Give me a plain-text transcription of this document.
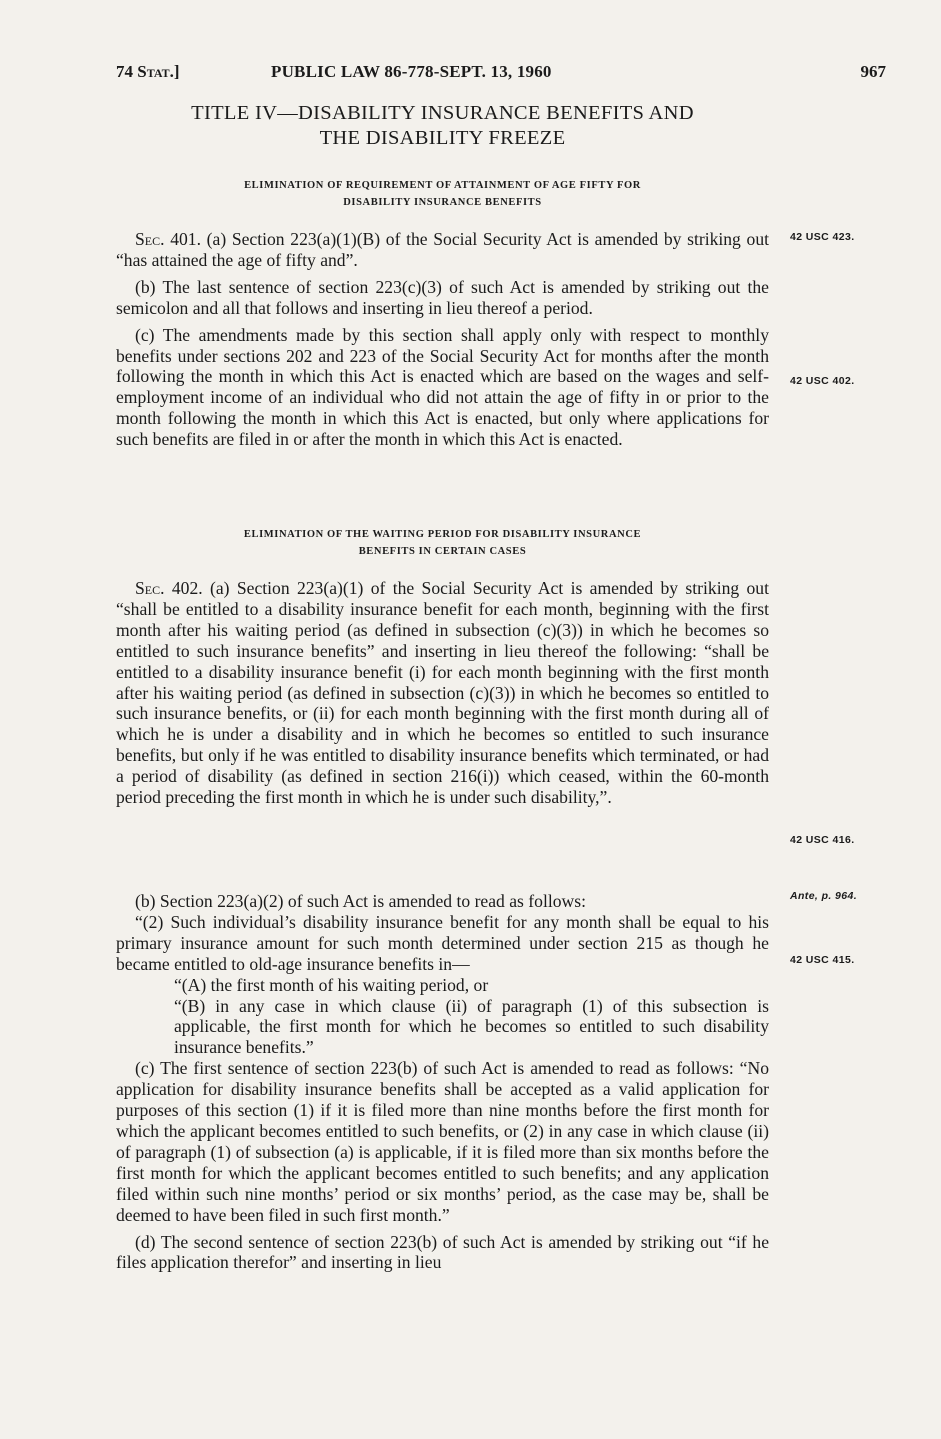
74 Stat.]	PUBLIC LAW 86-778-SEPT. 13, 1960	967
TITLE IV—DISABILITY INSURANCE BENEFITS AND
THE DISABILITY FREEZE
ELIMINATION OF REQUIREMENT OF ATTAINMENT OF AGE FIFTY FOR
DISABILITY INSURANCE BENEFITS

Sec. 401. (a) Section 223(a)(1)(B) of the Social Security Act is amended by striking out “has attained the age of fifty and”.

(b) The last sentence of section 223(c)(3) of such Act is amended by striking out the semicolon and all that follows and inserting in lieu thereof a period.

(c) The amendments made by this section shall apply only with respect to monthly benefits under sections 202 and 223 of the Social Security Act for months after the month following the month in which this Act is enacted which are based on the wages and self-employment income of an individual who did not attain the age of fifty in or prior to the month following the month in which this Act is enacted, but only where applications for such benefits are filed in or after the month in which this Act is enacted.

ELIMINATION OF THE WAITING PERIOD FOR DISABILITY INSURANCE
BENEFITS IN CERTAIN CASES

Sec. 402. (a) Section 223(a)(1) of the Social Security Act is amended by striking out “shall be entitled to a disability insurance benefit for each month, beginning with the first month after his waiting period (as defined in subsection (c)(3)) in which he becomes so entitled to such insurance benefits” and inserting in lieu thereof the following: “shall be entitled to a disability insurance benefit (i) for each month beginning with the first month after his waiting period (as defined in subsection (c)(3)) in which he becomes so entitled to such insurance benefits, or (ii) for each month beginning with the first month during all of which he is under a disability and in which he becomes so entitled to such insurance benefits, but only if he was entitled to disability insurance benefits which terminated, or had a period of disability (as defined in section 216(i)) which ceased, within the 60-month period preceding the first month in which he is under such disability,”.

(b) Section 223(a)(2) of such Act is amended to read as follows:

“(2) Such individual’s disability insurance benefit for any month shall be equal to his primary insurance amount for such month determined under section 215 as though he became entitled to old-age insurance benefits in—

“(A) the first month of his waiting period, or

“(B) in any case in which clause (ii) of paragraph (1) of this subsection is applicable, the first month for which he becomes so entitled to such disability insurance benefits.”

(c) The first sentence of section 223(b) of such Act is amended to read as follows: “No application for disability insurance benefits shall be accepted as a valid application for purposes of this section (1) if it is filed more than nine months before the first month for which the applicant becomes entitled to such benefits, or (2) in any case in which clause (ii) of paragraph (1) of subsection (a) is applicable, if it is filed more than six months before the first month for which the applicant becomes entitled to such benefits; and any application filed within such nine months’ period or six months’ period, as the case may be, shall be deemed to have been filed in such first month.”

(d) The second sentence of section 223(b) of such Act is amended by striking out “if he files application therefor” and inserting in lieu

42 USC 423.
42 USC 402.
42 USC 416.
Ante, p. 964.
42 USC 415.
